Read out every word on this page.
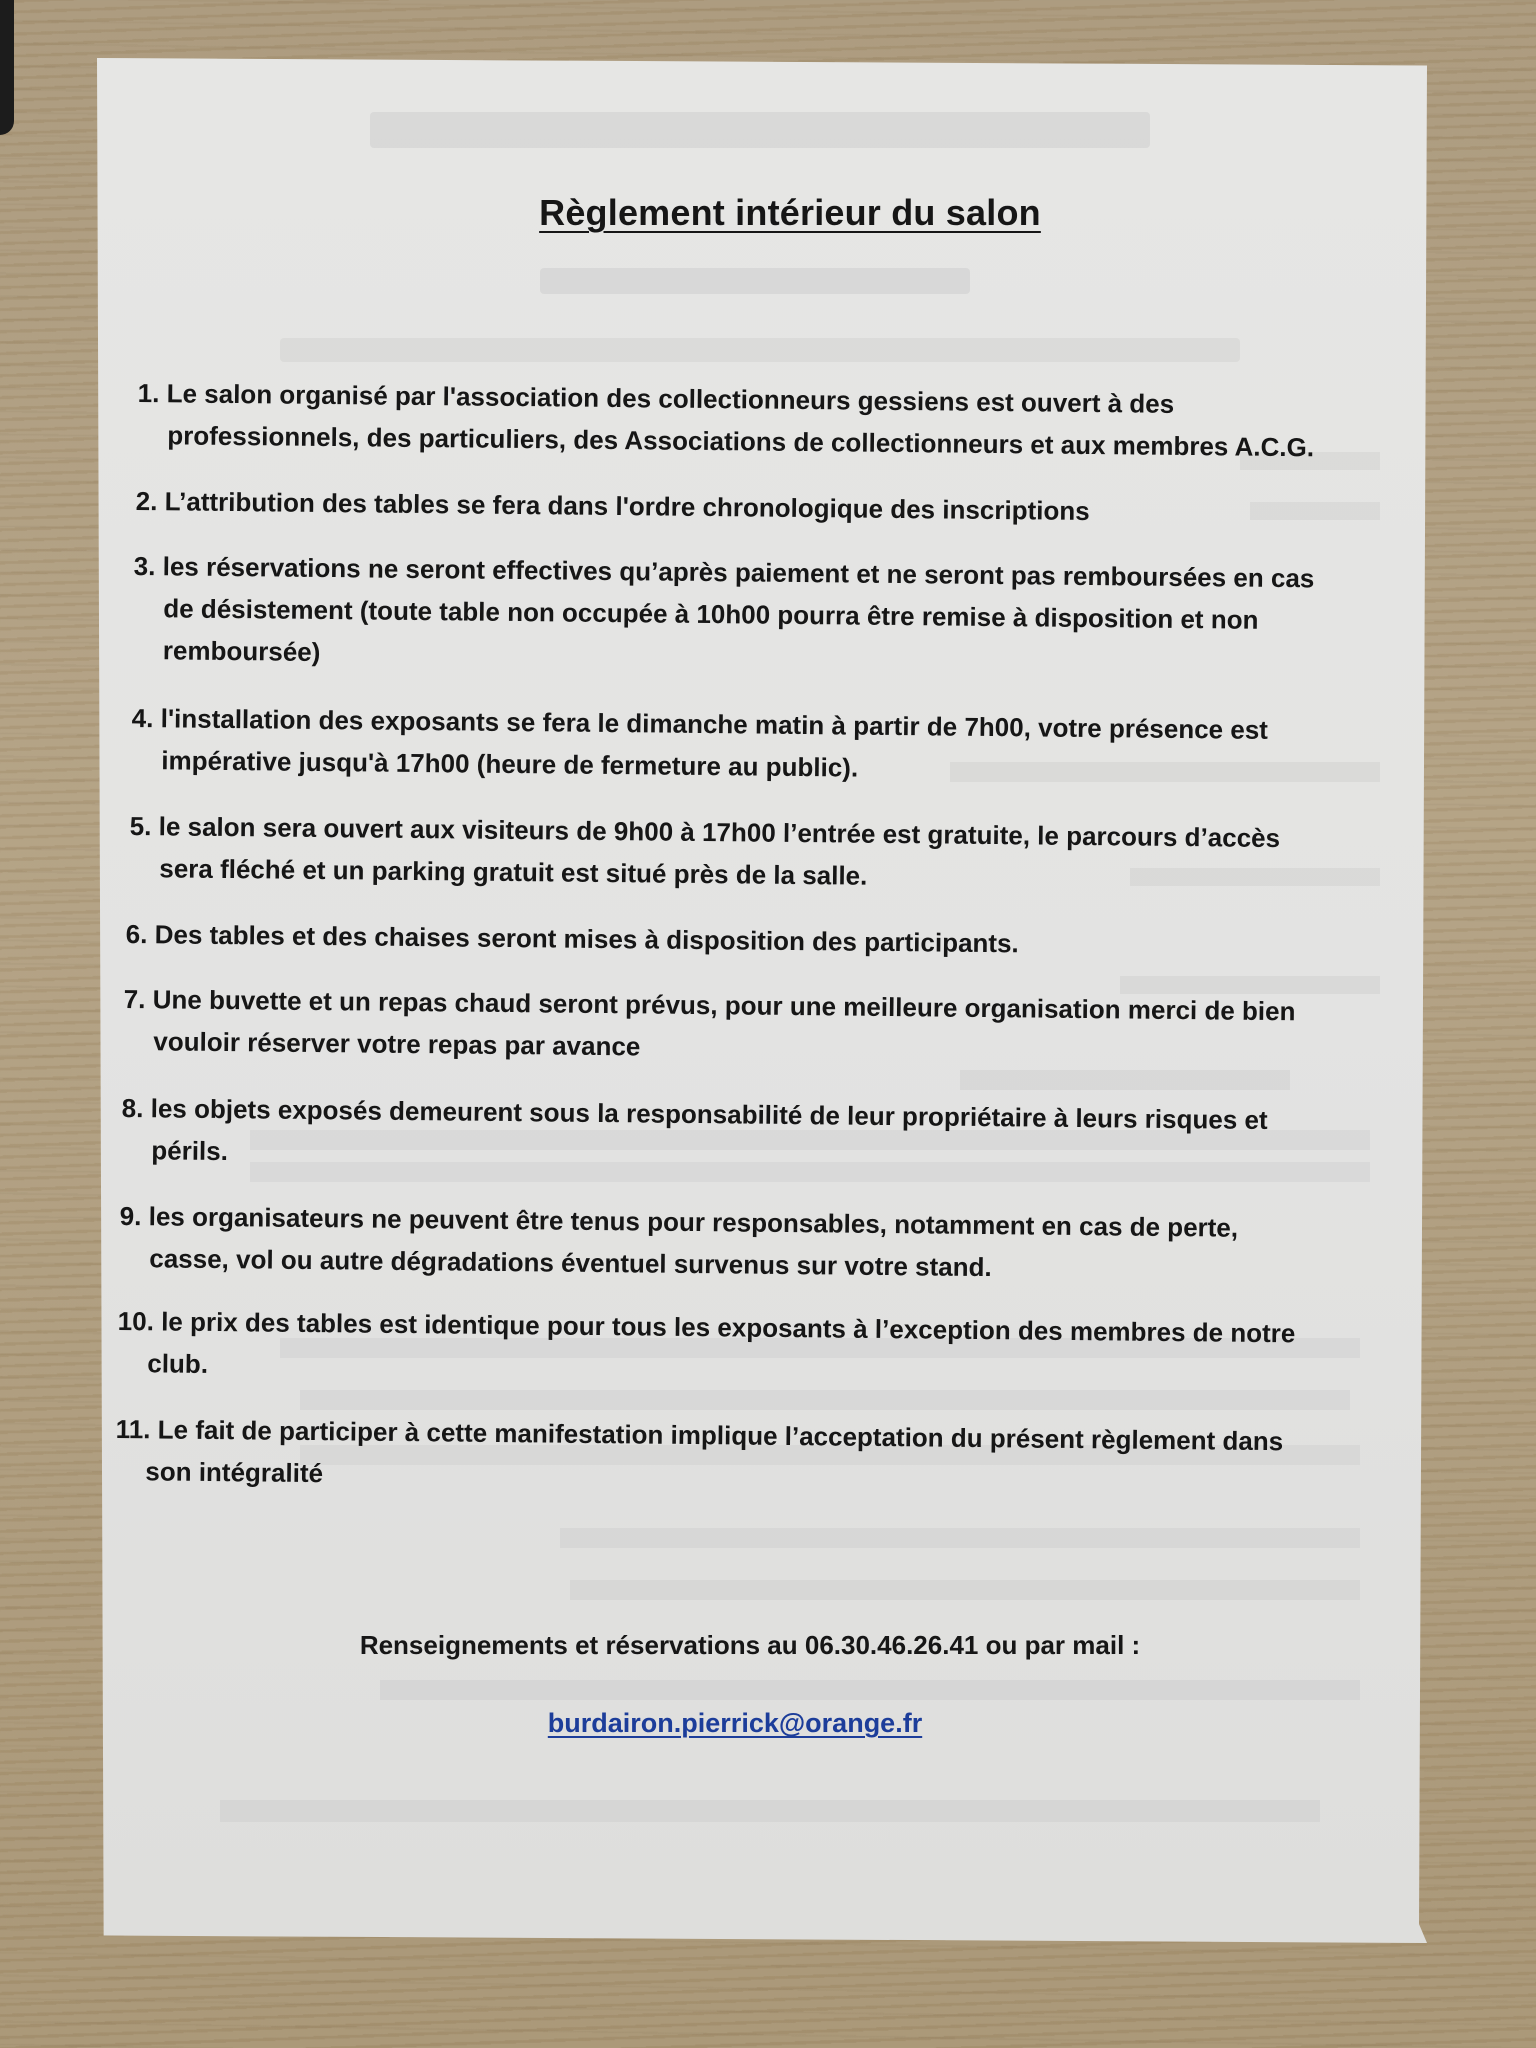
Règlement intérieur du salon
1. Le salon organisé par l'association des collectionneurs gessiens est ouvert à des
professionnels, des particuliers, des Associations de collectionneurs et aux membres A.C.G.
2. L’attribution des tables se fera dans l'ordre chronologique des inscriptions
3. les réservations ne seront effectives qu’après paiement et ne seront pas remboursées en cas
de désistement (toute table non occupée à 10h00 pourra être remise à disposition et non
remboursée)
4. l'installation des exposants se fera le dimanche matin à partir de 7h00, votre présence est
impérative jusqu'à 17h00 (heure de fermeture au public).
5. le salon sera ouvert aux visiteurs de 9h00 à 17h00 l’entrée est gratuite, le parcours d’accès
sera fléché et un parking gratuit est situé près de la salle.
6. Des tables et des chaises seront mises à disposition des participants.
7. Une buvette et un repas chaud seront prévus, pour une meilleure organisation merci de bien
vouloir réserver votre repas par avance
8. les objets exposés demeurent sous la responsabilité de leur propriétaire à leurs risques et
périls.
9. les organisateurs ne peuvent être tenus pour responsables, notamment en cas de perte,
casse, vol ou autre dégradations éventuel survenus sur votre stand.
10. le prix des tables est identique pour tous les exposants à l’exception des membres de notre
club.
11. Le fait de participer à cette manifestation implique l’acceptation du présent règlement dans
son intégralité
Renseignements et réservations au 06.30.46.26.41 ou par mail :
burdairon.pierrick@orange.fr
